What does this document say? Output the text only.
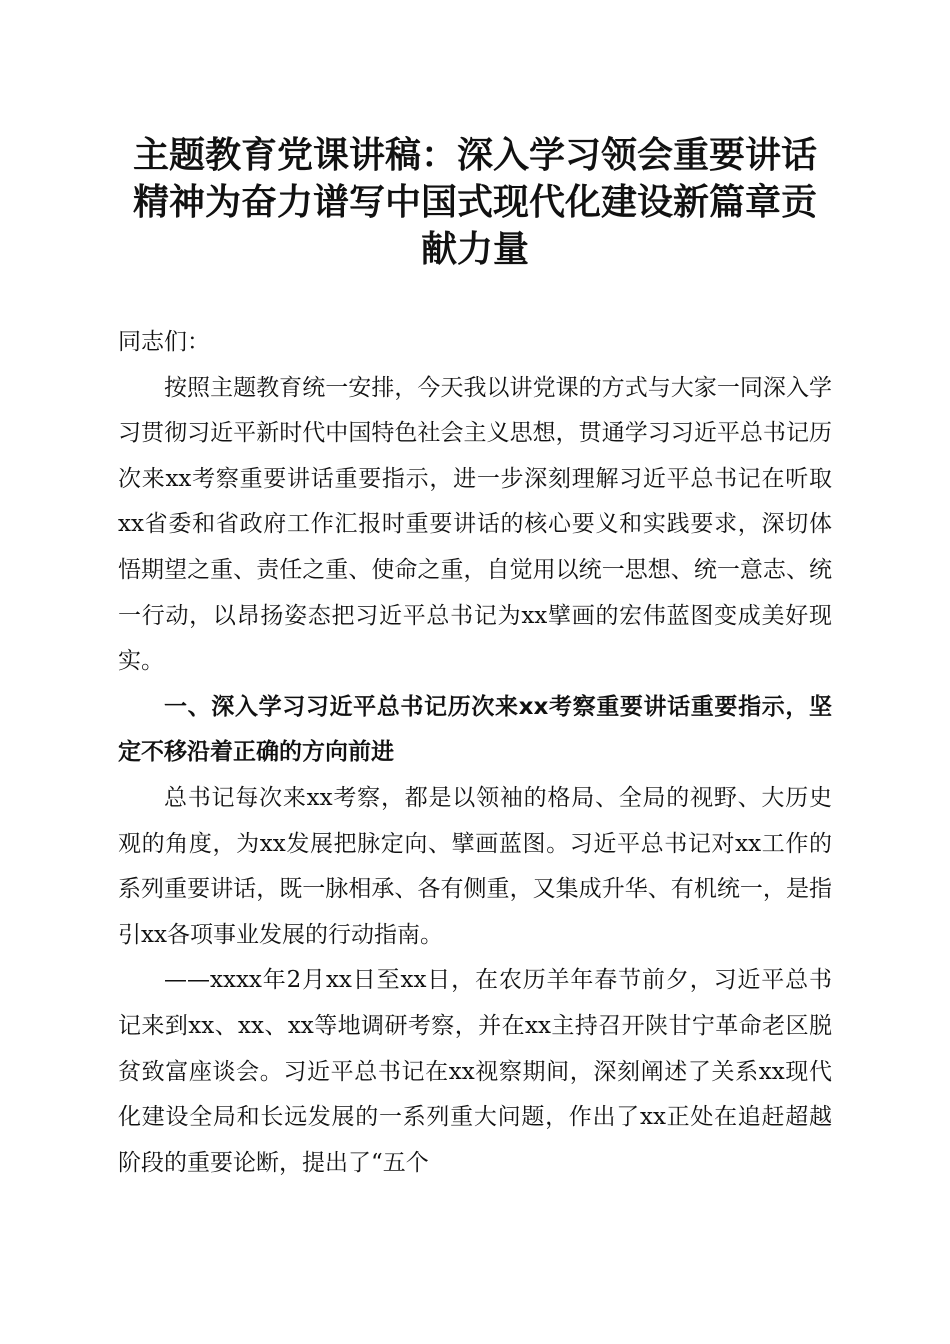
主题教育党课讲稿：深入学习领会重要讲话精神为奋力谱写中国式现代化建设新篇章贡献力量

同志们：

按照主题教育统一安排，今天我以讲党课的方式与大家一同深入学习贯彻习近平新时代中国特色社会主义思想，贯通学习习近平总书记历次来xx考察重要讲话重要指示，进一步深刻理解习近平总书记在听取xx省委和省政府工作汇报时重要讲话的核心要义和实践要求，深切体悟期望之重、责任之重、使命之重，自觉用以统一思想、统一意志、统一行动，以昂扬姿态把习近平总书记为xx擘画的宏伟蓝图变成美好现实。

一、深入学习习近平总书记历次来xx考察重要讲话重要指示，坚定不移沿着正确的方向前进

总书记每次来xx考察，都是以领袖的格局、全局的视野、大历史观的角度，为xx发展把脉定向、擘画蓝图。习近平总书记对xx工作的系列重要讲话，既一脉相承、各有侧重，又集成升华、有机统一，是指引xx各项事业发展的行动指南。

——xxxx年2月xx日至xx日，在农历羊年春节前夕，习近平总书记来到xx、xx、xx等地调研考察，并在xx主持召开陕甘宁革命老区脱贫致富座谈会。习近平总书记在xx视察期间，深刻阐述了关系xx现代化建设全局和长远发展的一系列重大问题，作出了xx正处在追赶超越阶段的重要论断，提出了“五个
